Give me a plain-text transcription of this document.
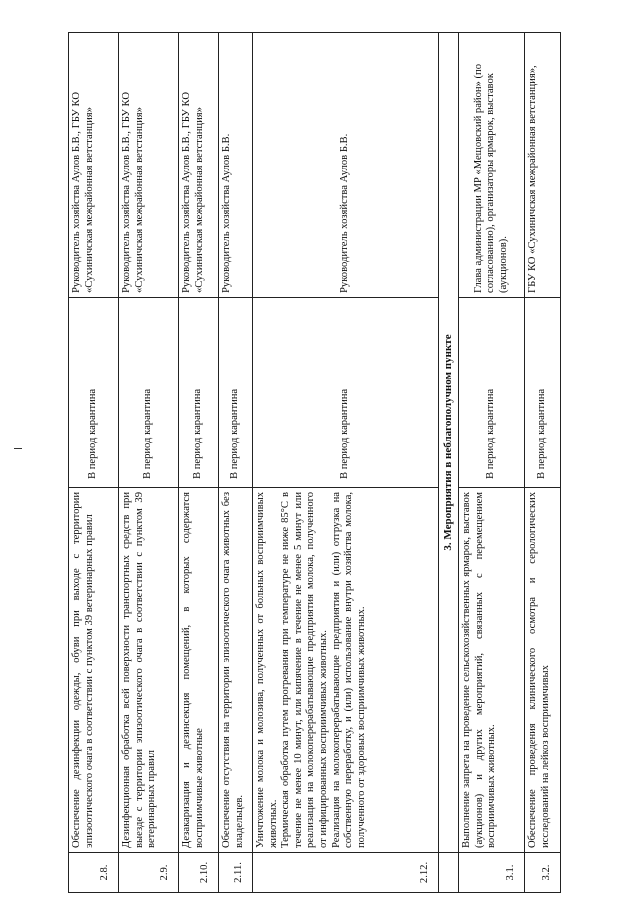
2.8.	Обеспечение дезинфекции одежды, обуви при выходе с территории эпизоотического очага в соответствии с пунктом 39 ветеринарных правил	В период карантина	Руководитель хозяйства Аулов Б.В., ГБУ КО «Сухиничская межрайонная ветстанция»
2.9.	Дезинфекционная обработка всей поверхности транспортных средств при выезде с территории эпизоотического очага в соответствии с пунктом 39 ветеринарных правил	В период карантина	Руководитель хозяйства Аулов Б.В., ГБУ КО «Сухиничская межрайонная ветстанция»
2.10.	Дезакаризация и дезинсекция помещений, в которых содержатся восприимчивые животные	В период карантина	Руководитель хозяйства Аулов Б.В., ГБУ КО «Сухиничская межрайонная ветстанция»
2.11.	Обеспечение отсутствия на территории эпизоотического очага животных без владельцев.	В период карантина	Руководитель хозяйства Аулов Б.В.
2.12.	Уничтожение молока и молозива, полученных от больных восприимчивых животных. Термическая обработка путем прогревания при температуре не ниже 85°С в течение не менее 10 минут, или кипячение в течение не менее 5 минут или реализация на молокоперерабатывающие предприятия молока, полученного от инфицированных восприимчивых животных. Реализация на молокоперерабатывающие предприятия и (или) отгрузка на собственную переработку, и (или) использование внутри хозяйства молока, полученного от здоровых восприимчивых животных.	В период карантина	Руководитель хозяйства Аулов Б.В.
	3. Мероприятия в неблагополучном пункте		
3.1.	Выполнение запрета на проведение сельскохозяйственных ярмарок, выставок (аукционов) и других мероприятий, связанных с перемещением восприимчивых животных.	В период карантина	Глава администрации МР «Мещовский район» (по согласованию), организаторы ярмарок, выставок (аукционов).
3.2.	Обеспечение проведения клинического осмотра и серологических исследований на лейкоз восприимчивых	В период карантина	ГБУ КО «Сухиничская межрайонная ветстанция»,
